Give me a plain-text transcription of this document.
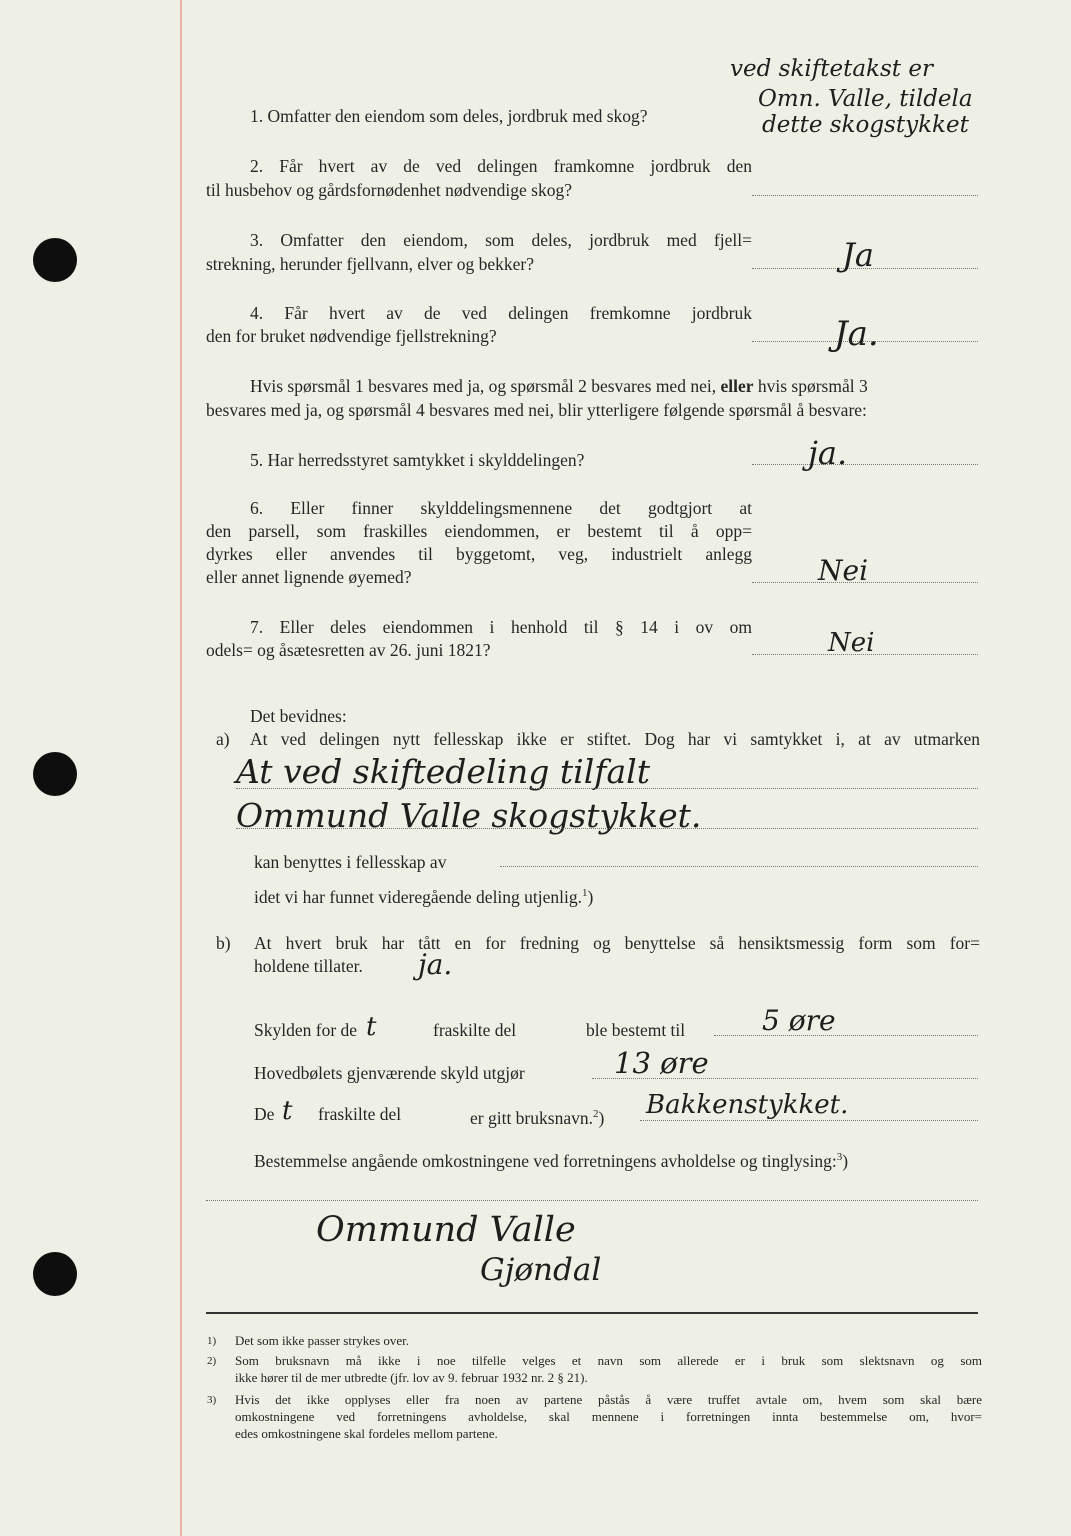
ved skiftetakst er
1. Omfatter den eiendom som deles, jordbruk med skog?
Omn. Valle, tildela
dette skogstykket
2. Får hvert av de ved delingen framkomne jordbruk den
til husbehov og gårdsfornødenhet nødvendige skog?
3. Omfatter den eiendom, som deles, jordbruk med fjell=
strekning, herunder fjellvann, elver og bekker?	Ja
4. Får hvert av de ved delingen fremkomne jordbruk
den for bruket nødvendige fjellstrekning?	Ja.
Hvis spørsmål 1 besvares med ja, og spørsmål 2 besvares med nei, eller hvis spørsmål 3
besvares med ja, og spørsmål 4 besvares med nei, blir ytterligere følgende spørsmål å besvare:
5. Har herredsstyret samtykket i skylddelingen?	ja.
6. Eller finner skylddelingsmennene det godtgjort at
den parsell, som fraskilles eiendommen, er bestemt til å opp=
dyrkes eller anvendes til byggetomt, veg, industrielt anlegg
eller annet lignende øyemed?	Nei
7. Eller deles eiendommen i henhold til § 14 i ov om
odels= og åsætesretten av 26. juni 1821?	Nei
Det bevidnes:
a) At ved delingen nytt fellesskap ikke er stiftet. Dog har vi samtykket i, at av utmarken
At ved skiftedeling tilfalt
Ommund Valle skogstykket.
kan benyttes i fellesskap av
idet vi har funnet videregående deling utjenlig.$^1$)
b) At hvert bruk har tått en for fredning og benyttelse så hensiktsmessig form som for=
holdene tillater. ja.
Skylden for de t	fraskilte del	ble bestemt til	5 øre
Hovedbølets gjenværende skyld utgjør	13 øre
De t fraskilte del	er gitt bruksnavn.$^2$) Bakkenstykket.
Bestemmelse angående omkostningene ved forretningens avholdelse og tinglysing:$^3$)
Ommund Valle
Gjøndal
1) Det som ikke passer strykes over.
2) Som bruksnavn må ikke i noe tilfelle velges et navn som allerede er i bruk som slektsnavn og som
ikke hører til de mer utbredte (jfr. lov av 9. februar 1932 nr. 2 § 21).
3) Hvis det ikke opplyses eller fra noen av partene påstås å være truffet avtale om, hvem som skal bære
omkostningene ved forretningens avholdelse, skal mennene i forretningen innta bestemmelse om, hvor=
edes omkostningene skal fordeles mellom partene.
